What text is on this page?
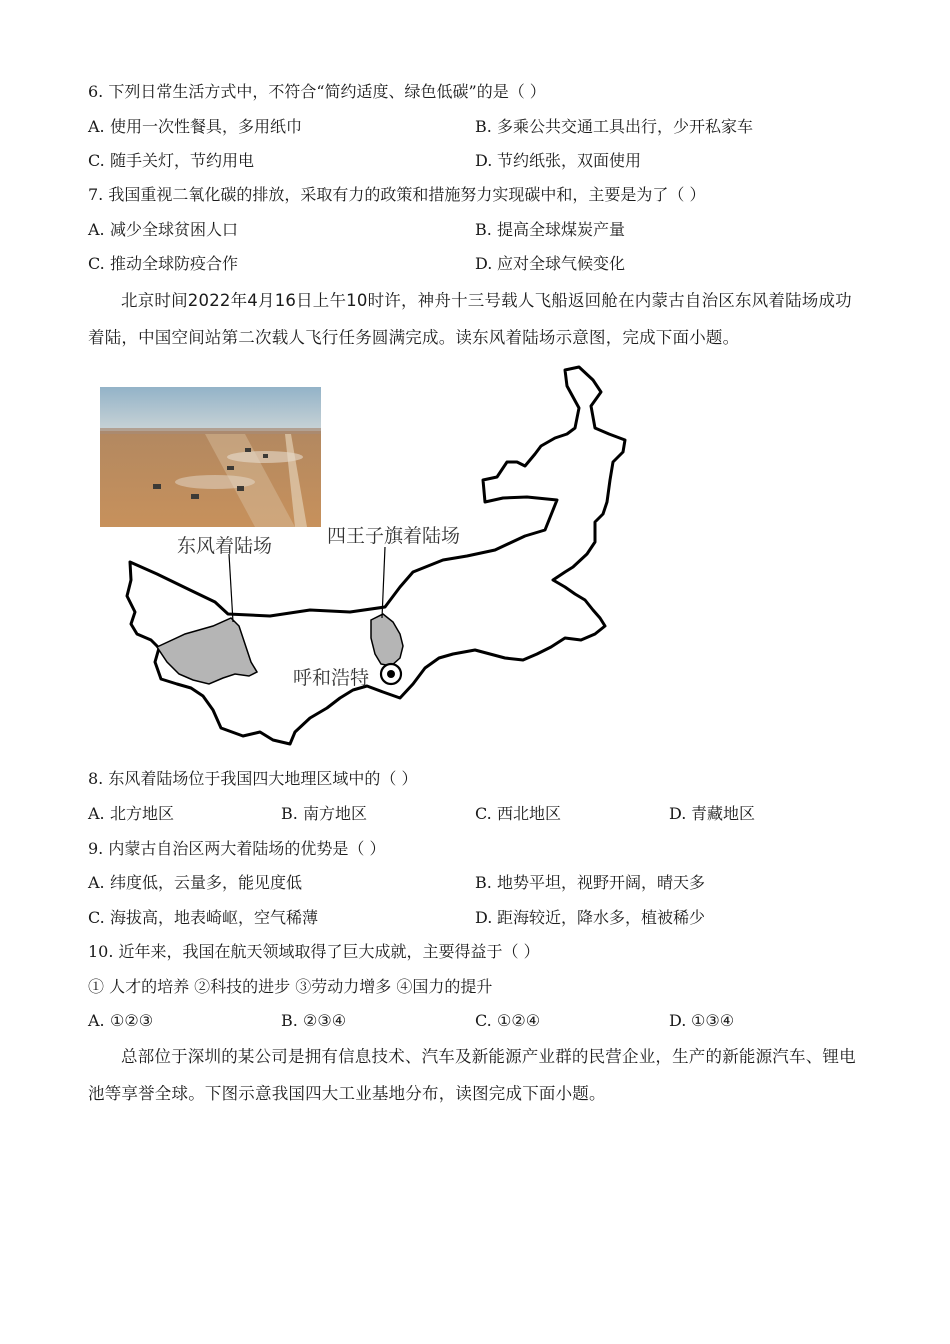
6. 下列日常生活方式中，不符合“简约适度、绿色低碳”的是（ ）
A. 使用一次性餐具，多用纸巾	B. 多乘公共交通工具出行，少开私家车
C. 随手关灯，节约用电	D. 节约纸张，双面使用
7. 我国重视二氧化碳的排放，采取有力的政策和措施努力实现碳中和，主要是为了（ ）
A. 减少全球贫困人口	B. 提高全球煤炭产量
C. 推动全球防疫合作	D. 应对全球气候变化
北京时间2022年4月16日上午10时许，神舟十三号载人飞船返回舱在内蒙古自治区东风着陆场成功着陆，中国空间站第二次载人飞行任务圆满完成。读东风着陆场示意图，完成下面小题。
东风着陆场	四王子旗着陆场
呼和浩特
8. 东风着陆场位于我国四大地理区域中的（ ）
A. 北方地区	B. 南方地区	C. 西北地区	D. 青藏地区
9. 内蒙古自治区两大着陆场的优势是（ ）
A. 纬度低，云量多，能见度低	B. 地势平坦，视野开阔，晴天多
C. 海拔高，地表崎岖，空气稀薄	D. 距海较近，降水多，植被稀少
10. 近年来，我国在航天领域取得了巨大成就，主要得益于（ ）
① 人才的培养 ②科技的进步 ③劳动力增多 ④国力的提升
A. ①②③	B. ②③④	C. ①②④	D. ①③④
总部位于深圳的某公司是拥有信息技术、汽车及新能源产业群的民营企业，生产的新能源汽车、锂电池等享誉全球。下图示意我国四大工业基地分布，读图完成下面小题。
